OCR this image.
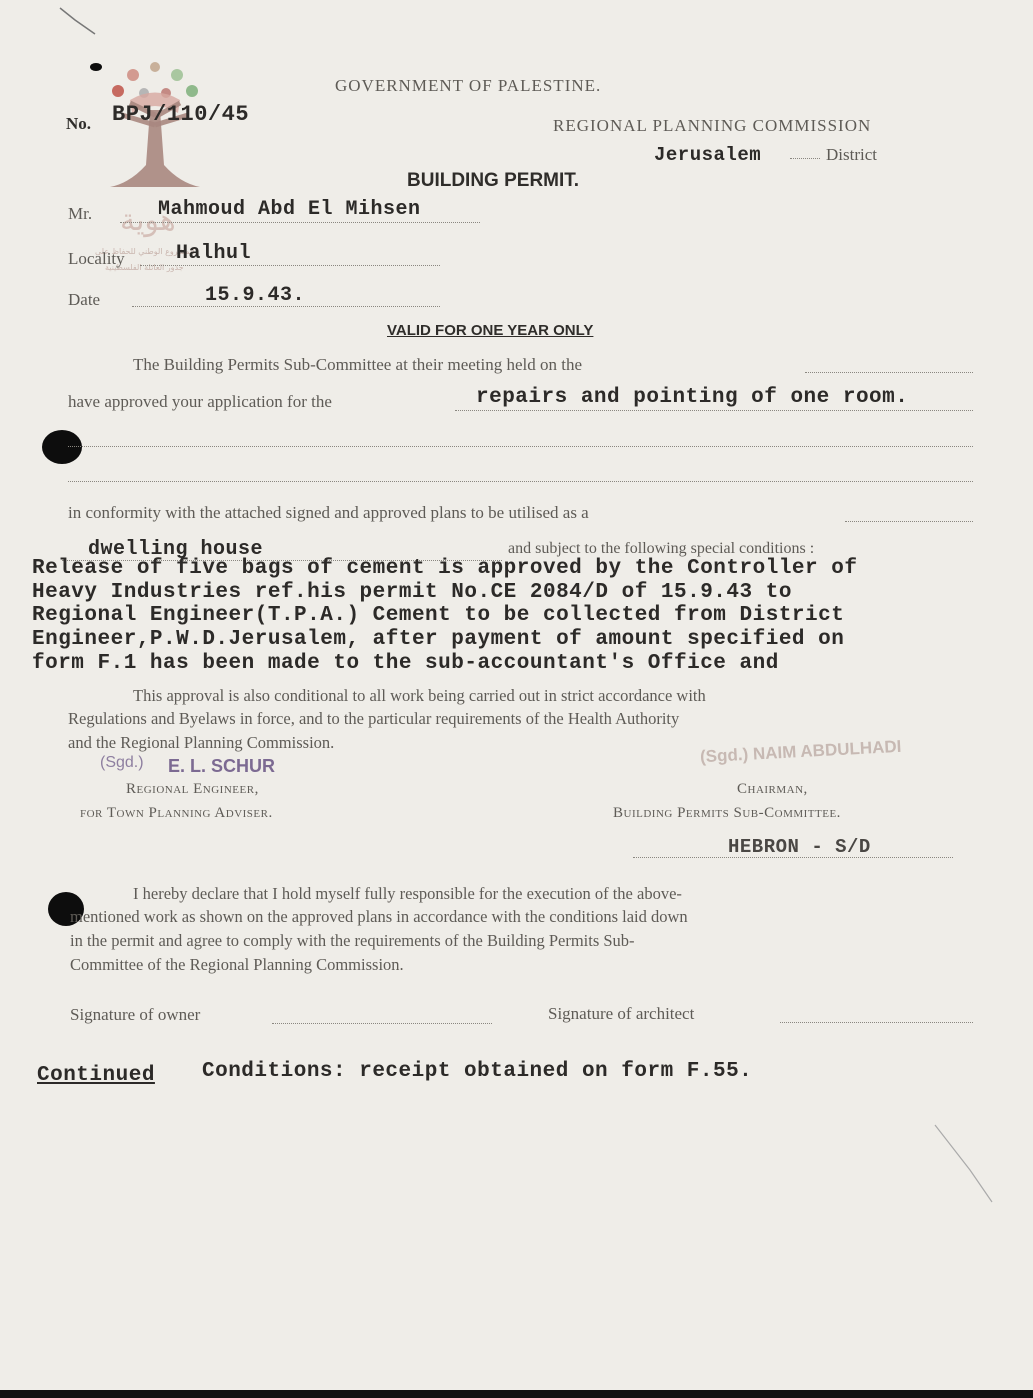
هوية
المشروع الوطني للحفاظ على
جذور العائلة الفلسطينية
GOVERNMENT OF PALESTINE.
No. BPJ/110/45	REGIONAL PLANNING COMMISSION
Jerusalem	District
BUILDING PERMIT.
Mr.	Mahmoud Abd El Mihsen
Locality	Halhul
Date	15.9.43.
VALID FOR ONE YEAR ONLY
The Building Permits Sub-Committee at their meeting held on the
have approved your application for the	repairs and pointing of one room.
in conformity with the attached signed and approved plans to be utilised as a
dwelling house	and subject to the following special conditions :
Release of five bags of cement is approved by the Controller of
Heavy Industries ref.his permit No.CE 2084/D of 15.9.43 to
Regional Engineer(T.P.A.) Cement to be collected from District
Engineer,P.W.D.Jerusalem, after payment of amount specified on
form F.1 has been made to the sub-accountant's Office and
This approval is also conditional to all work being carried out in strict accordance with
Regulations and Byelaws in force, and to the particular requirements of the Health Authority
and the Regional Planning Commission.
(Sgd.) E. L. SCHUR
Regional Engineer,
for Town Planning Adviser.
(Sgd.) NAIM ABDULHADI
Chairman,
Building Permits Sub-Committee.
HEBRON - S/D
I hereby declare that I hold myself fully responsible for the execution of the above-
mentioned work as shown on the approved plans in accordance with the conditions laid down
in the permit and agree to comply with the requirements of the Building Permits Sub-
Committee of the Regional Planning Commission.
Signature of owner	Signature of architect
Continued Conditions: receipt obtained on form F.55.
